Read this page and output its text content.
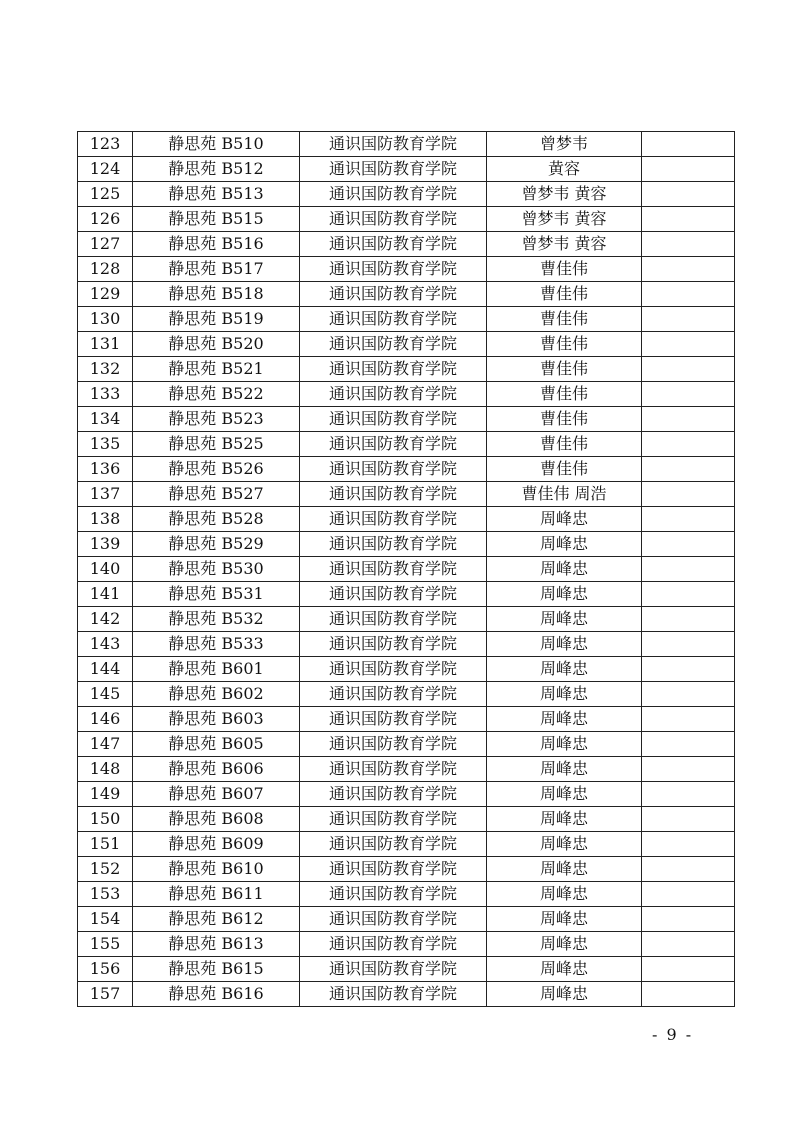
123	静思苑 B510	通识国防教育学院	曾梦韦	
124	静思苑 B512	通识国防教育学院	黄容	
125	静思苑 B513	通识国防教育学院	曾梦韦 黄容	
126	静思苑 B515	通识国防教育学院	曾梦韦 黄容	
127	静思苑 B516	通识国防教育学院	曾梦韦 黄容	
128	静思苑 B517	通识国防教育学院	曹佳伟	
129	静思苑 B518	通识国防教育学院	曹佳伟	
130	静思苑 B519	通识国防教育学院	曹佳伟	
131	静思苑 B520	通识国防教育学院	曹佳伟	
132	静思苑 B521	通识国防教育学院	曹佳伟	
133	静思苑 B522	通识国防教育学院	曹佳伟	
134	静思苑 B523	通识国防教育学院	曹佳伟	
135	静思苑 B525	通识国防教育学院	曹佳伟	
136	静思苑 B526	通识国防教育学院	曹佳伟	
137	静思苑 B527	通识国防教育学院	曹佳伟 周浩	
138	静思苑 B528	通识国防教育学院	周峰忠	
139	静思苑 B529	通识国防教育学院	周峰忠	
140	静思苑 B530	通识国防教育学院	周峰忠	
141	静思苑 B531	通识国防教育学院	周峰忠	
142	静思苑 B532	通识国防教育学院	周峰忠	
143	静思苑 B533	通识国防教育学院	周峰忠	
144	静思苑 B601	通识国防教育学院	周峰忠	
145	静思苑 B602	通识国防教育学院	周峰忠	
146	静思苑 B603	通识国防教育学院	周峰忠	
147	静思苑 B605	通识国防教育学院	周峰忠	
148	静思苑 B606	通识国防教育学院	周峰忠	
149	静思苑 B607	通识国防教育学院	周峰忠	
150	静思苑 B608	通识国防教育学院	周峰忠	
151	静思苑 B609	通识国防教育学院	周峰忠	
152	静思苑 B610	通识国防教育学院	周峰忠	
153	静思苑 B611	通识国防教育学院	周峰忠	
154	静思苑 B612	通识国防教育学院	周峰忠	
155	静思苑 B613	通识国防教育学院	周峰忠	
156	静思苑 B615	通识国防教育学院	周峰忠	
157	静思苑 B616	通识国防教育学院	周峰忠	
- 9 -
